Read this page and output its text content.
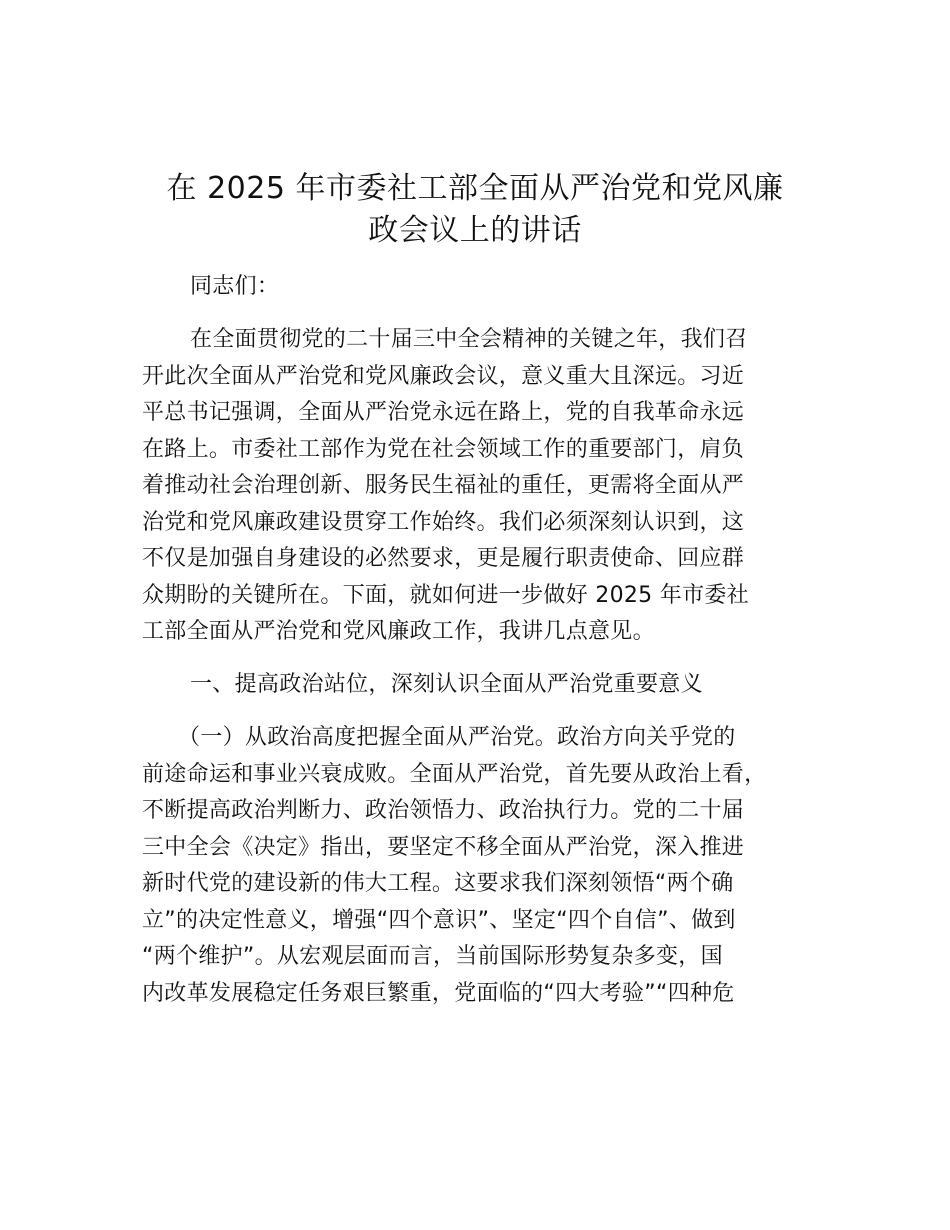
在 2025 年市委社工部全面从严治党和党风廉
政会议上的讲话
同志们：
在全面贯彻党的二十届三中全会精神的关键之年，我们召
开此次全面从严治党和党风廉政会议，意义重大且深远。习近
平总书记强调，全面从严治党永远在路上，党的自我革命永远
在路上。市委社工部作为党在社会领域工作的重要部门，肩负
着推动社会治理创新、服务民生福祉的重任，更需将全面从严
治党和党风廉政建设贯穿工作始终。我们必须深刻认识到，这
不仅是加强自身建设的必然要求，更是履行职责使命、回应群
众期盼的关键所在。下面，就如何进一步做好 2025 年市委社
工部全面从严治党和党风廉政工作，我讲几点意见。
一、提高政治站位，深刻认识全面从严治党重要意义
（一）从政治高度把握全面从严治党。政治方向关乎党的
前途命运和事业兴衰成败。全面从严治党，首先要从政治上看，
不断提高政治判断力、政治领悟力、政治执行力。党的二十届
三中全会《决定》指出，要坚定不移全面从严治党，深入推进
新时代党的建设新的伟大工程。这要求我们深刻领悟“两个确
立”的决定性意义，增强“四个意识”、坚定“四个自信”、做到
“两个维护”。从宏观层面而言，当前国际形势复杂多变，国
内改革发展稳定任务艰巨繁重，党面临的“四大考验”“四种危
